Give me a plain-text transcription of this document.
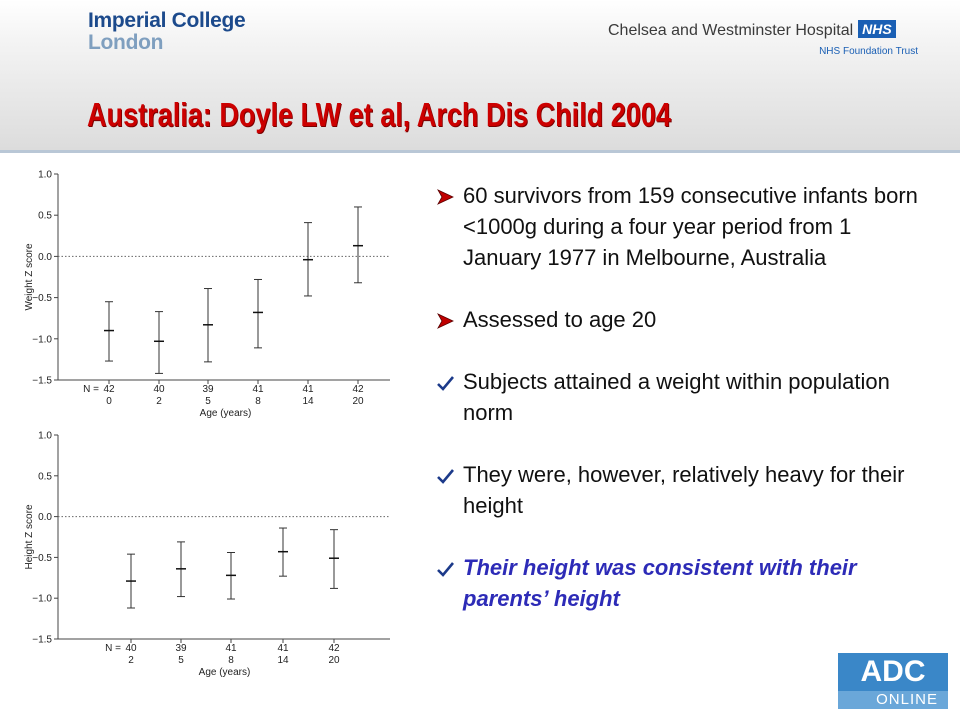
Imperial College
London
Chelsea and Westminster Hospital NHS
NHS Foundation Trust
Australia: Doyle LW et al, Arch Dis Child 2004
1.0
0.5
0.0
−0.5
−1.0
−1.5
Weight Z score
42
0
40
2
39
5
41
8
41
14
42
20
N =
Age (years)
1.0
0.5
0.0
−0.5
−1.0
−1.5
Height Z score
40
2
39
5
41
8
41
14
42
20
N =
Age (years)
60 survivors from 159 consecutive infants born <1000g during a four year period from 1 January 1977 in Melbourne, Australia
Assessed to age 20
Subjects attained a weight within population norm
They were, however, relatively heavy for their height
Their height was consistent with their parents’ height
ADC
ONLINE
